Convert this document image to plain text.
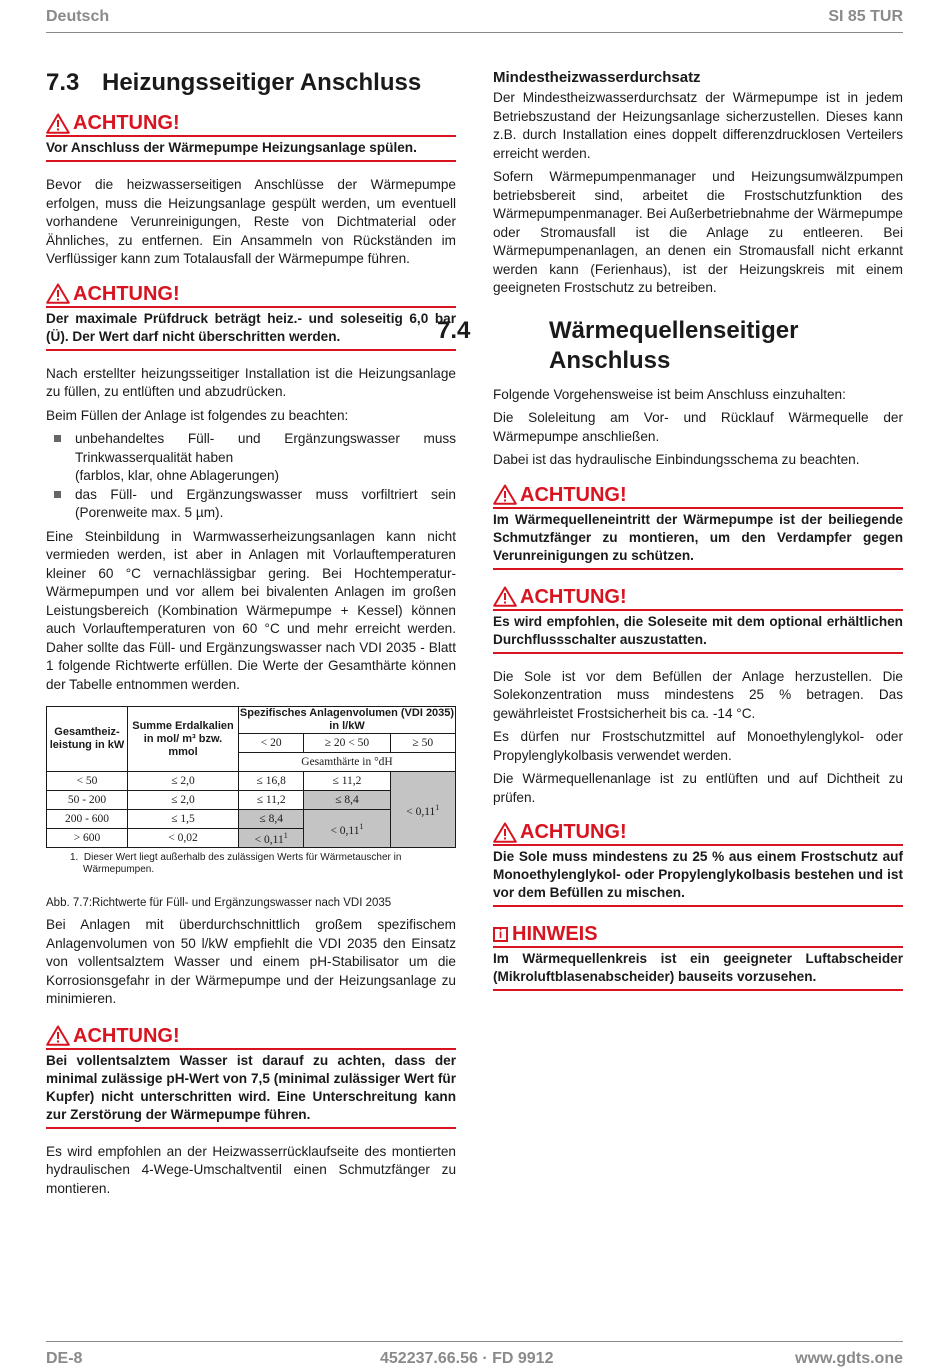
Deutsch	SI 85 TUR
7.3 Heizungsseitiger Anschluss
ACHTUNG!
Vor Anschluss der Wärmepumpe Heizungsanlage spülen.

Bevor die heizwasserseitigen Anschlüsse der Wärmepumpe erfolgen, muss die Heizungsanlage gespült werden, um eventuell vorhandene Verunreinigungen, Reste von Dichtmaterial oder Ähnliches, zu entfernen. Ein Ansammeln von Rückständen im Verflüssiger kann zum Totalausfall der Wärmepumpe führen.

ACHTUNG!
Der maximale Prüfdruck beträgt heiz.- und soleseitig 6,0 bar (Ü). Der Wert darf nicht überschritten werden.

Nach erstellter heizungsseitiger Installation ist die Heizungsanlage zu füllen, zu entlüften und abzudrücken.

Beim Füllen der Anlage ist folgendes zu beachten:

unbehandeltes Füll- und Ergänzungswasser muss Trinkwasserqualität haben
(farblos, klar, ohne Ablagerungen)
das Füll- und Ergänzungswasser muss vorfiltriert sein (Porenweite max. 5 µm).

Eine Steinbildung in Warmwasserheizungsanlagen kann nicht vermieden werden, ist aber in Anlagen mit Vorlauftemperaturen kleiner 60 °C vernachlässigbar gering. Bei Hochtemperatur-Wärmepumpen und vor allem bei bivalenten Anlagen im großen Leistungsbereich (Kombination Wärmepumpe + Kessel) können auch Vorlauftemperaturen von 60 °C und mehr erreicht werden. Daher sollte das Füll- und Ergänzungswasser nach VDI 2035 - Blatt 1 folgende Richtwerte erfüllen. Die Werte der Gesamthärte können der Tabelle entnommen werden.

Gesamtheiz-leistung in kW	Summe Erdalkalien in mol/ m³ bzw. mmol	Spezifisches Anlagenvolumen (VDI 2035) in l/kW		
		< 20	≥ 20 < 50	≥ 50
		Gesamthärte in °dH		
< 50	≤ 2,0	≤ 16,8	≤ 11,2	< $0,11^1$
50 - 200	≤ 2,0	≤ 11,2	≤ 8,4	
200 - 600	≤ 1,5	≤ 8,4	< $0,11^1$
> 600	< 0,02	< $0,11^1$
1. Dieser Wert liegt außerhalb des zulässigen Werts für Wärmetauscher in Wärmepumpen.
Abb. 7.7:Richtwerte für Füll- und Ergänzungswasser nach VDI 2035

Bei Anlagen mit überdurchschnittlich großem spezifischem Anlagenvolumen von 50 l/kW empfiehlt die VDI 2035 den Einsatz von vollentsalztem Wasser und einem pH-Stabilisator um die Korrosionsgefahr in der Wärmepumpe und der Heizungsanlage zu minimieren.

ACHTUNG!
Bei vollentsalztem Wasser ist darauf zu achten, dass der minimal zulässige pH-Wert von 7,5 (minimal zulässiger Wert für Kupfer) nicht unterschritten wird. Eine Unterschreitung kann zur Zerstörung der Wärmepumpe führen.

Es wird empfohlen an der Heizwasserrücklaufseite des montierten hydraulischen 4-Wege-Umschaltventil einen Schmutzfänger zu montieren.

Mindestheizwasserdurchsatz

Der Mindestheizwasserdurchsatz der Wärmepumpe ist in jedem Betriebszustand der Heizungsanlage sicherzustellen. Dieses kann z.B. durch Installation eines doppelt differenzdrucklosen Verteilers erreicht werden.

Sofern Wärmepumpenmanager und Heizungsumwälzpumpen betriebsbereit sind, arbeitet die Frostschutzfunktion des Wärmepumpenmanager. Bei Außerbetriebnahme der Wärmepumpe oder Stromausfall ist die Anlage zu entleeren. Bei Wärmepumpenanlagen, an denen ein Stromausfall nicht erkannt werden kann (Ferienhaus), ist der Heizungskreis mit einem geeigneten Frostschutz zu betreiben.

7.4	Wärmequellenseitiger Anschluss

Folgende Vorgehensweise ist beim Anschluss einzuhalten:

Die Soleleitung am Vor- und Rücklauf Wärmequelle der Wärmepumpe anschließen.

Dabei ist das hydraulische Einbindungsschema zu beachten.

ACHTUNG!
Im Wärmequelleneintritt der Wärmepumpe ist der beiliegende Schmutzfänger zu montieren, um den Verdampfer gegen Verunreinigungen zu schützen.
ACHTUNG!
Es wird empfohlen, die Soleseite mit dem optional erhältlichen Durchflussschalter auszustatten.

Die Sole ist vor dem Befüllen der Anlage herzustellen. Die Solekonzentration muss mindestens 25 % betragen. Das gewährleistet Frostsicherheit bis ca. -14 °C.

Es dürfen nur Frostschutzmittel auf Monoethylenglykol- oder Propylenglykolbasis verwendet werden.

Die Wärmequellenanlage ist zu entlüften und auf Dichtheit zu prüfen.

ACHTUNG!
Die Sole muss mindestens zu 25 % aus einem Frostschutz auf Monoethylenglykol- oder Propylenglykolbasis bestehen und ist vor dem Befüllen zu mischen.
i HINWEIS
Im Wärmequellenkreis ist ein geeigneter Luftabscheider (Mikroluftblasenabscheider) bauseits vorzusehen.
DE-8	452237.66.56 · FD 9912	www.gdts.one
